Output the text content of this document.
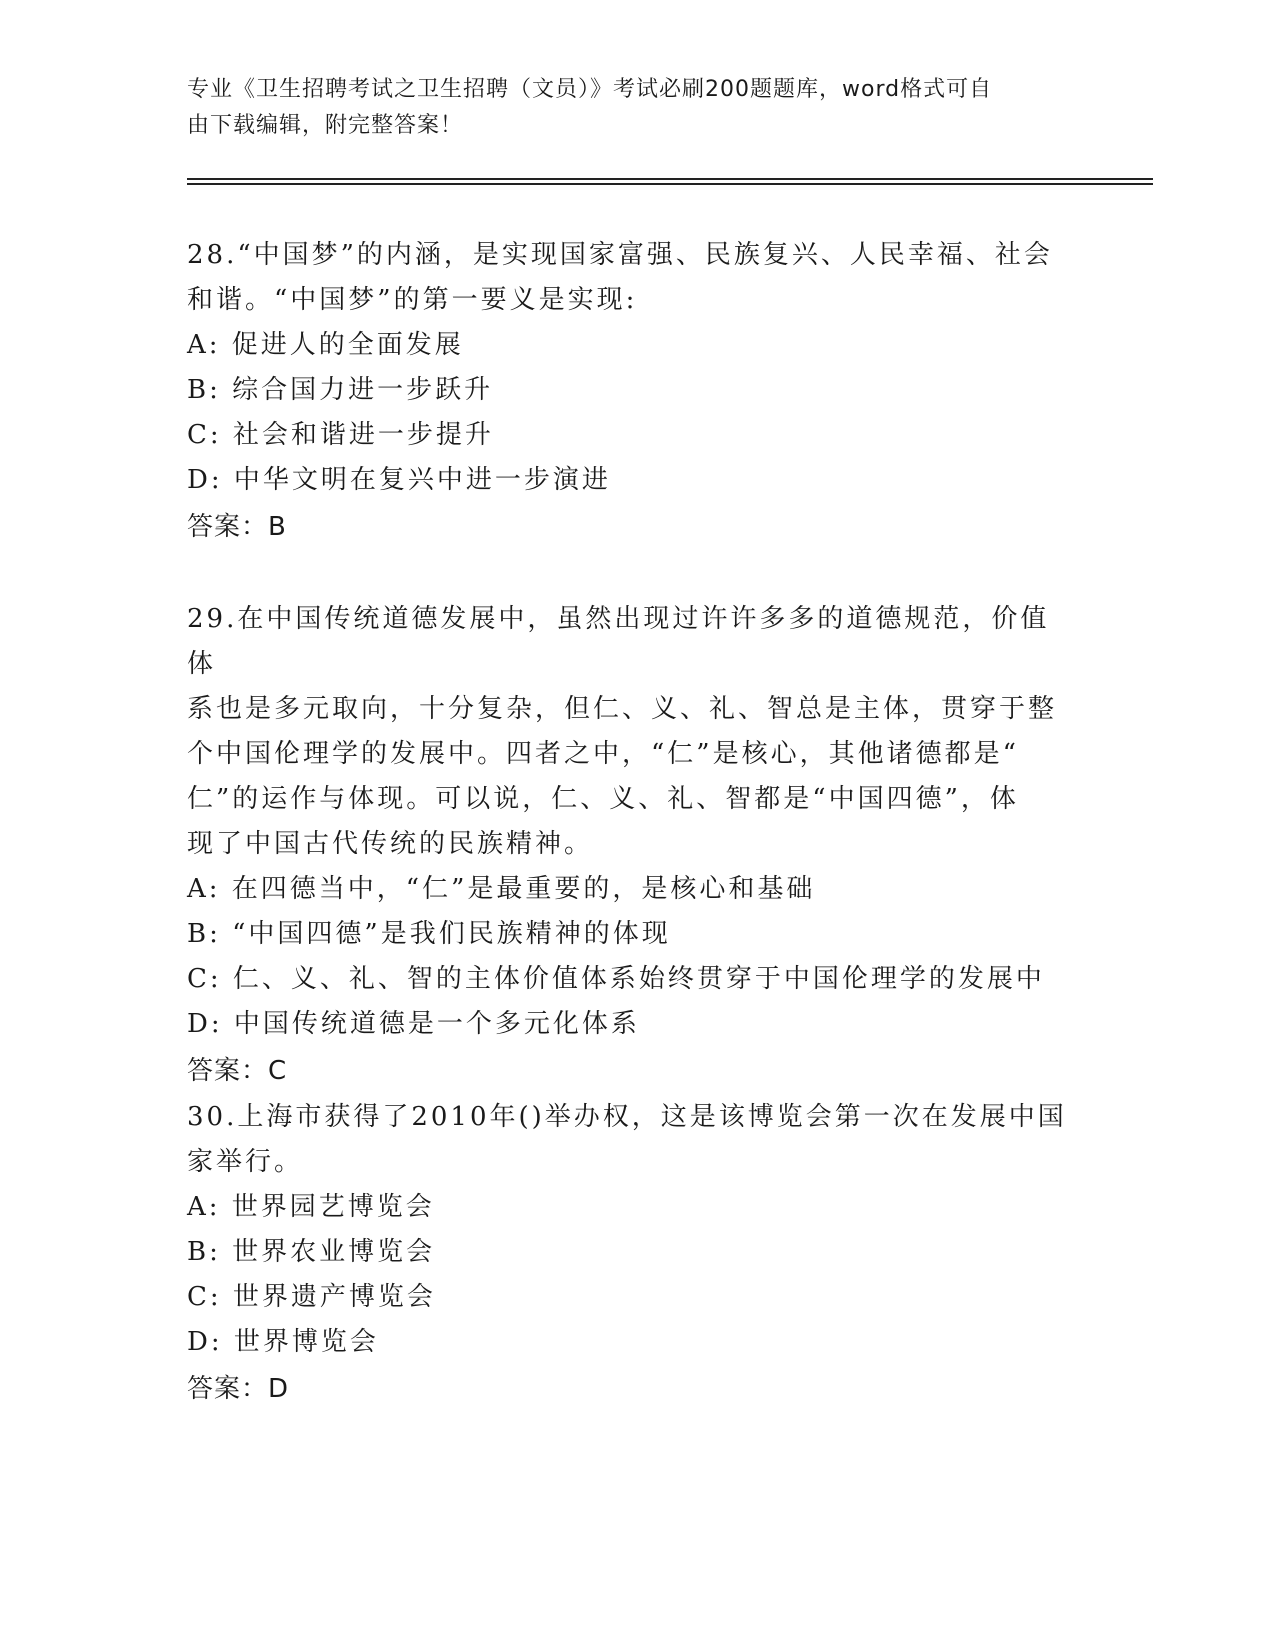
专业《卫生招聘考试之卫生招聘（文员）》考试必刷200题题库，word格式可自
由下载编辑，附完整答案！
28.“中国梦”的内涵，是实现国家富强、民族复兴、人民幸福、社会
和谐。“中国梦”的第一要义是实现:
A: 促进人的全面发展
B: 综合国力进一步跃升
C: 社会和谐进一步提升
D: 中华文明在复兴中进一步演进
答案：B
29.在中国传统道德发展中，虽然出现过许许多多的道德规范，价值体
系也是多元取向，十分复杂，但仁、义、礼、智总是主体，贯穿于整
个中国伦理学的发展中。四者之中，“仁”是核心，其他诸德都是“
仁”的运作与体现。可以说，仁、义、礼、智都是“中国四德”，体
现了中国古代传统的民族精神。
A: 在四德当中，“仁”是最重要的，是核心和基础
B: “中国四德”是我们民族精神的体现
C: 仁、义、礼、智的主体价值体系始终贯穿于中国伦理学的发展中
D: 中国传统道德是一个多元化体系
答案：C
30.上海市获得了2010年()举办权，这是该博览会第一次在发展中国
家举行。
A: 世界园艺博览会
B: 世界农业博览会
C: 世界遗产博览会
D: 世界博览会
答案：D
